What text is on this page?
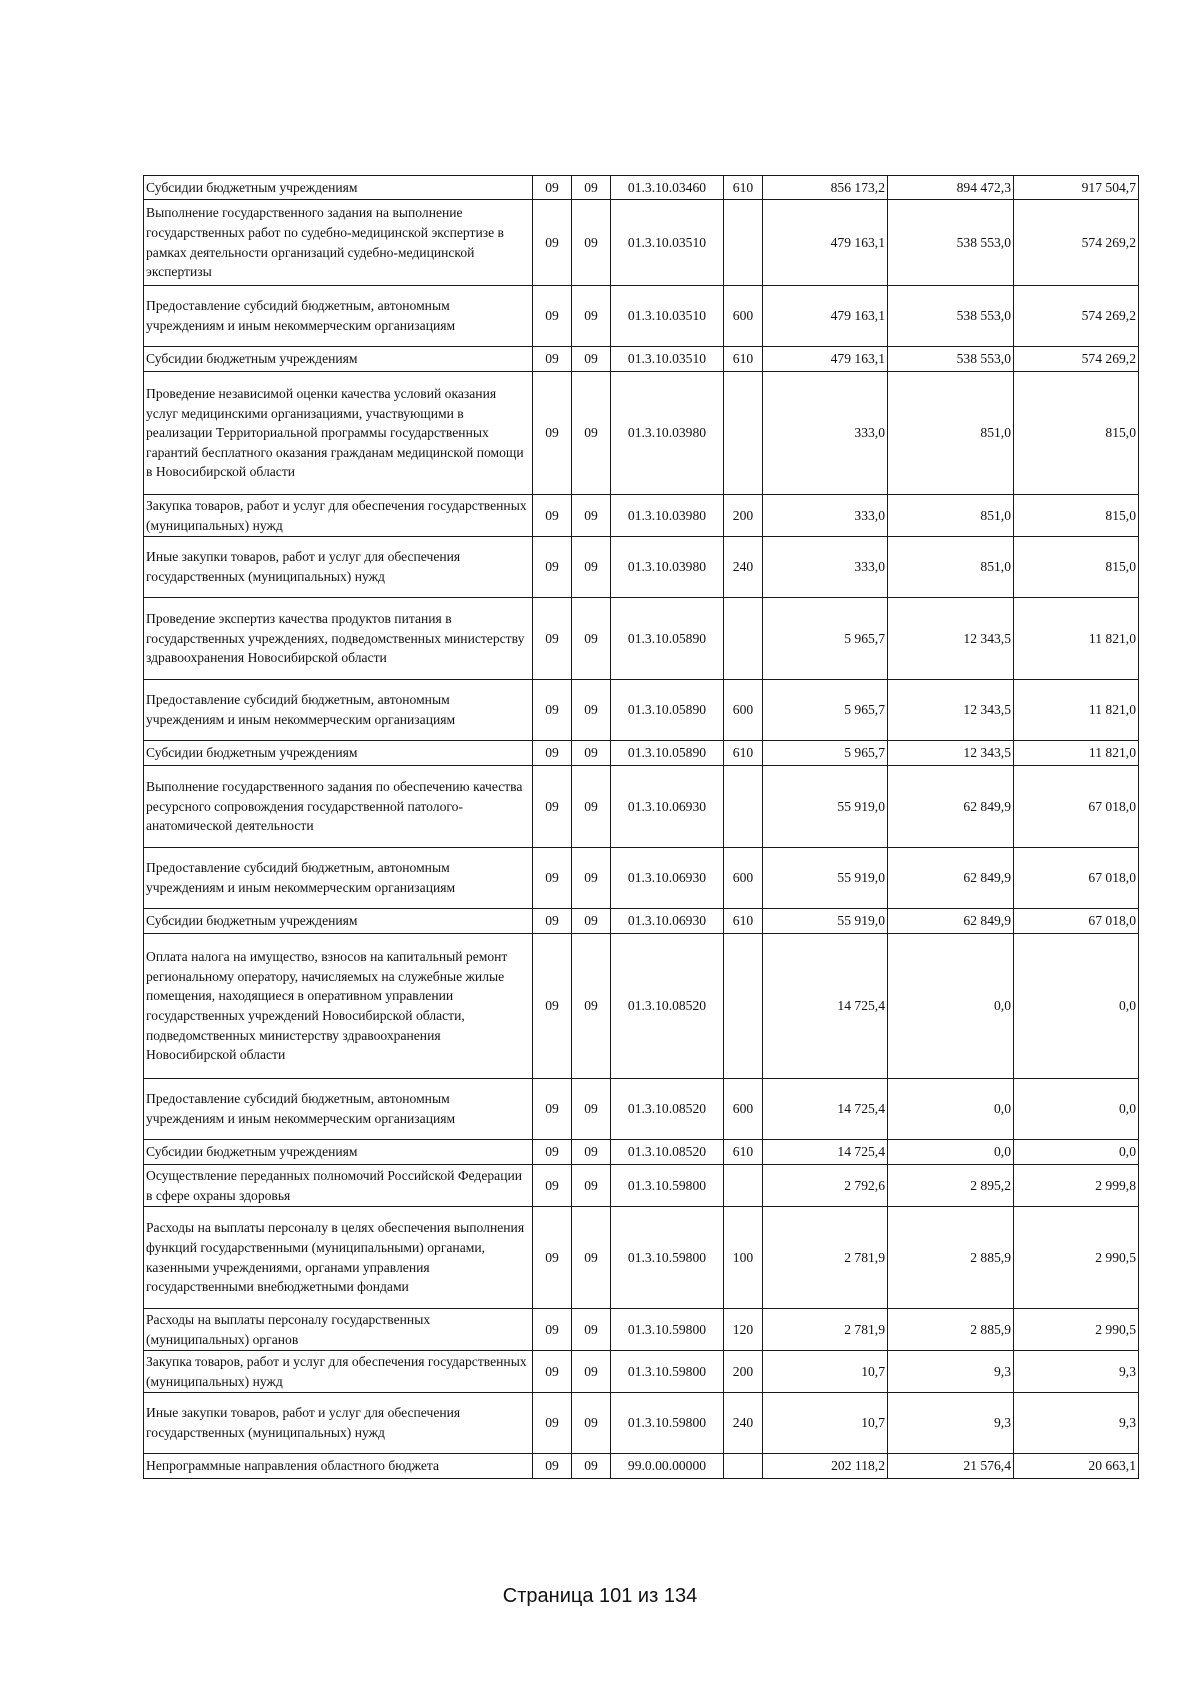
Субсидии бюджетным учреждениям	09	09	01.3.10.03460	610	856 173,2	894 472,3	917 504,7
Выполнение государственного задания на выполнение государственных работ по судебно-медицинской экспертизе в рамках деятельности организаций судебно-медицинской экспертизы	09	09	01.3.10.03510		479 163,1	538 553,0	574 269,2
Предоставление субсидий бюджетным, автономным учреждениям и иным некоммерческим организациям	09	09	01.3.10.03510	600	479 163,1	538 553,0	574 269,2
Субсидии бюджетным учреждениям	09	09	01.3.10.03510	610	479 163,1	538 553,0	574 269,2
Проведение независимой оценки качества условий оказания услуг медицинскими организациями, участвующими в реализации Территориальной программы государственных гарантий бесплатного оказания гражданам медицинской помощи в Новосибирской области	09	09	01.3.10.03980		333,0	851,0	815,0
Закупка товаров, работ и услуг для обеспечения государственных (муниципальных) нужд	09	09	01.3.10.03980	200	333,0	851,0	815,0
Иные закупки товаров, работ и услуг для обеспечения государственных (муниципальных) нужд	09	09	01.3.10.03980	240	333,0	851,0	815,0
Проведение экспертиз качества продуктов питания в государственных учреждениях, подведомственных министерству здравоохранения Новосибирской области	09	09	01.3.10.05890		5 965,7	12 343,5	11 821,0
Предоставление субсидий бюджетным, автономным учреждениям и иным некоммерческим организациям	09	09	01.3.10.05890	600	5 965,7	12 343,5	11 821,0
Субсидии бюджетным учреждениям	09	09	01.3.10.05890	610	5 965,7	12 343,5	11 821,0
Выполнение государственного задания по обеспечению качества ресурсного сопровождения государственной патолого-анатомической деятельности	09	09	01.3.10.06930		55 919,0	62 849,9	67 018,0
Предоставление субсидий бюджетным, автономным учреждениям и иным некоммерческим организациям	09	09	01.3.10.06930	600	55 919,0	62 849,9	67 018,0
Субсидии бюджетным учреждениям	09	09	01.3.10.06930	610	55 919,0	62 849,9	67 018,0
Оплата налога на имущество, взносов на капитальный ремонт региональному оператору, начисляемых на служебные жилые помещения, находящиеся в оперативном управлении государственных учреждений Новосибирской области, подведомственных министерству здравоохранения Новосибирской области	09	09	01.3.10.08520		14 725,4	0,0	0,0
Предоставление субсидий бюджетным, автономным учреждениям и иным некоммерческим организациям	09	09	01.3.10.08520	600	14 725,4	0,0	0,0
Субсидии бюджетным учреждениям	09	09	01.3.10.08520	610	14 725,4	0,0	0,0
Осуществление переданных полномочий Российской Федерации в сфере охраны здоровья	09	09	01.3.10.59800		2 792,6	2 895,2	2 999,8
Расходы на выплаты персоналу в целях обеспечения выполнения функций государственными (муниципальными) органами, казенными учреждениями, органами управления государственными внебюджетными фондами	09	09	01.3.10.59800	100	2 781,9	2 885,9	2 990,5
Расходы на выплаты персоналу государственных (муниципальных) органов	09	09	01.3.10.59800	120	2 781,9	2 885,9	2 990,5
Закупка товаров, работ и услуг для обеспечения государственных (муниципальных) нужд	09	09	01.3.10.59800	200	10,7	9,3	9,3
Иные закупки товаров, работ и услуг для обеспечения государственных (муниципальных) нужд	09	09	01.3.10.59800	240	10,7	9,3	9,3
Непрограммные направления областного бюджета	09	09	99.0.00.00000		202 118,2	21 576,4	20 663,1
Страница 101 из 134
